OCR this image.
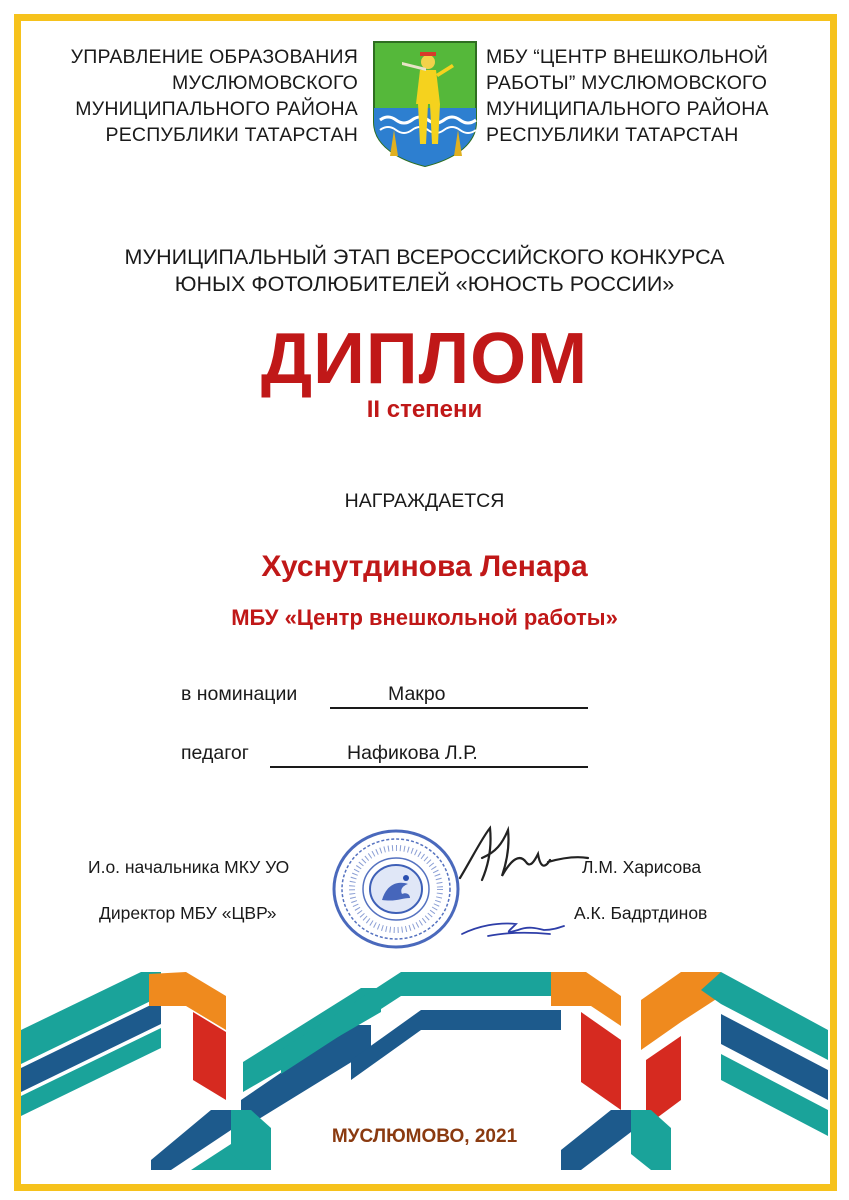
УПРАВЛЕНИЕ ОБРАЗОВАНИЯ
МУСЛЮМОВСКОГО
МУНИЦИПАЛЬНОГО РАЙОНА
РЕСПУБЛИКИ ТАТАРСТАН
МБУ “ЦЕНТР ВНЕШКОЛЬНОЙ
РАБОТЫ” МУСЛЮМОВСКОГО
МУНИЦИПАЛЬНОГО РАЙОНА
РЕСПУБЛИКИ ТАТАРСТАН
МУНИЦИПАЛЬНЫЙ ЭТАП ВСЕРОССИЙСКОГО КОНКУРСА
ЮНЫХ ФОТОЛЮБИТЕЛЕЙ «ЮНОСТЬ РОССИИ»
ДИПЛОМ
II степени
НАГРАЖДАЕТСЯ
Хуснутдинова Ленара
МБУ «Центр внешкольной работы»
в номинации	Макро
педагог	Нафикова Л.Р.
И.о. начальника МКУ УО	Л.М. Харисова
Директор МБУ «ЦВР»	А.К. Бадртдинов
МУСЛЮМОВО, 2021
